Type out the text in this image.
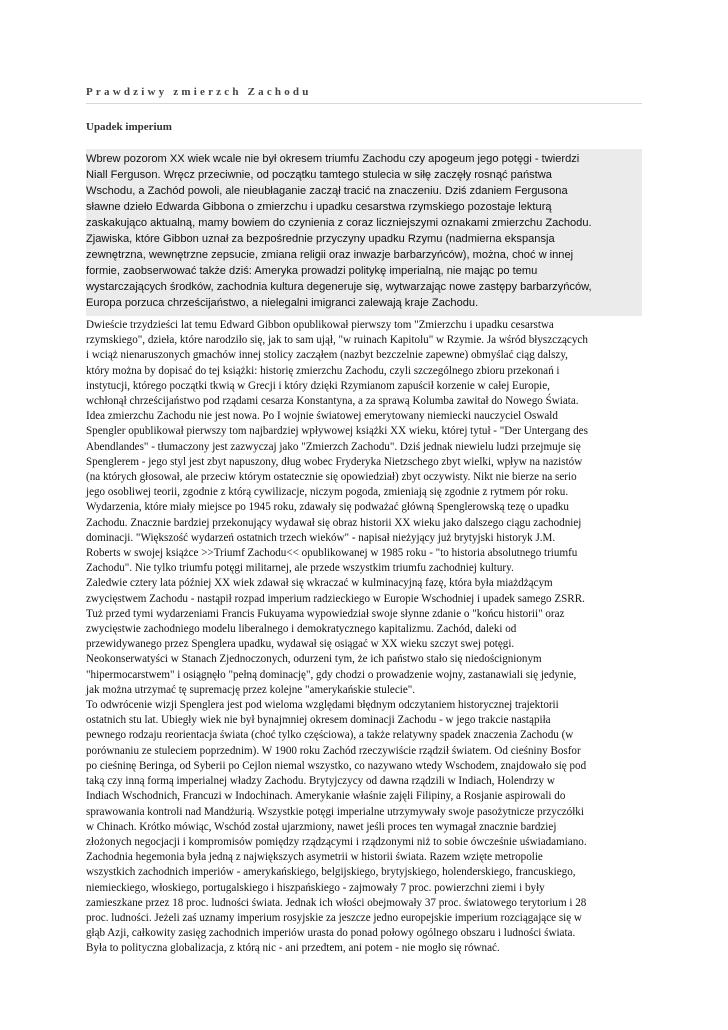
Prawdziwy zmierzch Zachodu
Upadek imperium
Wbrew pozorom XX wiek wcale nie był okresem triumfu Zachodu czy apogeum jego potęgi - twierdzi
Niall Ferguson. Wręcz przeciwnie, od początku tamtego stulecia w siłę zaczęły rosnąć państwa
Wschodu, a Zachód powoli, ale nieubłaganie zaczął tracić na znaczeniu. Dziś zdaniem Fergusona
sławne dzieło Edwarda Gibbona o zmierzchu i upadku cesarstwa rzymskiego pozostaje lekturą
zaskakująco aktualną, mamy bowiem do czynienia z coraz liczniejszymi oznakami zmierzchu Zachodu.
Zjawiska, które Gibbon uznał za bezpośrednie przyczyny upadku Rzymu (nadmierna ekspansja
zewnętrzna, wewnętrzne zepsucie, zmiana religii oraz inwazje barbarzyńców), można, choć w innej
formie, zaobserwować także dziś: Ameryka prowadzi politykę imperialną, nie mając po temu
wystarczających środków, zachodnia kultura degeneruje się, wytwarzając nowe zastępy barbarzyńców,
Europa porzuca chrześcijaństwo, a nielegalni imigranci zalewają kraje Zachodu.
Dwieście trzydzieści lat temu Edward Gibbon opublikował pierwszy tom "Zmierzchu i upadku cesarstwa
rzymskiego", dzieła, które narodziło się, jak to sam ujął, "w ruinach Kapitolu" w Rzymie. Ja wśród błyszczących
i wciąż nienaruszonych gmachów innej stolicy zacząłem (nazbyt bezczelnie zapewne) obmyślać ciąg dalszy,
który można by dopisać do tej książki: historię zmierzchu Zachodu, czyli szczególnego zbioru przekonań i
instytucji, którego początki tkwią w Grecji i który dzięki Rzymianom zapuścił korzenie w całej Europie,
wchłonął chrześcijaństwo pod rządami cesarza Konstantyna, a za sprawą Kolumba zawitał do Nowego Świata.
Idea zmierzchu Zachodu nie jest nowa. Po I wojnie światowej emerytowany niemiecki nauczyciel Oswald
Spengler opublikował pierwszy tom najbardziej wpływowej książki XX wieku, której tytuł - "Der Untergang des
Abendlandes" - tłumaczony jest zazwyczaj jako "Zmierzch Zachodu". Dziś jednak niewielu ludzi przejmuje się
Spenglerem - jego styl jest zbyt napuszony, dług wobec Fryderyka Nietzschego zbyt wielki, wpływ na nazistów
(na których głosował, ale przeciw którym ostatecznie się opowiedział) zbyt oczywisty. Nikt nie bierze na serio
jego osobliwej teorii, zgodnie z którą cywilizacje, niczym pogoda, zmieniają się zgodnie z rytmem pór roku.
Wydarzenia, które miały miejsce po 1945 roku, zdawały się podważać główną Spenglerowską tezę o upadku
Zachodu. Znacznie bardziej przekonujący wydawał się obraz historii XX wieku jako dalszego ciągu zachodniej
dominacji. "Większość wydarzeń ostatnich trzech wieków" - napisał nieżyjący już brytyjski historyk J.M.
Roberts w swojej książce >>Triumf Zachodu<< opublikowanej w 1985 roku - "to historia absolutnego triumfu
Zachodu". Nie tylko triumfu potęgi militarnej, ale przede wszystkim triumfu zachodniej kultury.
Zaledwie cztery lata później XX wiek zdawał się wkraczać w kulminacyjną fazę, która była miażdżącym
zwycięstwem Zachodu - nastąpił rozpad imperium radzieckiego w Europie Wschodniej i upadek samego ZSRR.
Tuż przed tymi wydarzeniami Francis Fukuyama wypowiedział swoje słynne zdanie o "końcu historii" oraz
zwycięstwie zachodniego modelu liberalnego i demokratycznego kapitalizmu. Zachód, daleki od
przewidywanego przez Spenglera upadku, wydawał się osiągać w XX wieku szczyt swej potęgi.
Neokonserwatyści w Stanach Zjednoczonych, odurzeni tym, że ich państwo stało się niedoścignionym
"hipermocarstwem" i osiągnęło "pełną dominację", gdy chodzi o prowadzenie wojny, zastanawiali się jedynie,
jak można utrzymać tę supremację przez kolejne "amerykańskie stulecie".
To odwrócenie wizji Spenglera jest pod wieloma względami błędnym odczytaniem historycznej trajektorii
ostatnich stu lat. Ubiegły wiek nie był bynajmniej okresem dominacji Zachodu - w jego trakcie nastąpiła
pewnego rodzaju reorientacja świata (choć tylko częściowa), a także relatywny spadek znaczenia Zachodu (w
porównaniu ze stuleciem poprzednim). W 1900 roku Zachód rzeczywiście rządził światem. Od cieśniny Bosfor
po cieśninę Beringa, od Syberii po Cejlon niemal wszystko, co nazywano wtedy Wschodem, znajdowało się pod
taką czy inną formą imperialnej władzy Zachodu. Brytyjczycy od dawna rządzili w Indiach, Holendrzy w
Indiach Wschodnich, Francuzi w Indochinach. Amerykanie właśnie zajęli Filipiny, a Rosjanie aspirowali do
sprawowania kontroli nad Mandżurią. Wszystkie potęgi imperialne utrzymywały swoje pasożytnicze przyczółki
w Chinach. Krótko mówiąc, Wschód został ujarzmiony, nawet jeśli proces ten wymagał znacznie bardziej
złożonych negocjacji i kompromisów pomiędzy rządzącymi i rządzonymi niż to sobie ówcześnie uświadamiano.
Zachodnia hegemonia była jedną z największych asymetrii w historii świata. Razem wzięte metropolie
wszystkich zachodnich imperiów - amerykańskiego, belgijskiego, brytyjskiego, holenderskiego, francuskiego,
niemieckiego, włoskiego, portugalskiego i hiszpańskiego - zajmowały 7 proc. powierzchni ziemi i były
zamieszkane przez 18 proc. ludności świata. Jednak ich włości obejmowały 37 proc. światowego terytorium i 28
proc. ludności. Jeżeli zaś uznamy imperium rosyjskie za jeszcze jedno europejskie imperium rozciągające się w
głąb Azji, całkowity zasięg zachodnich imperiów urasta do ponad połowy ogólnego obszaru i ludności świata.
Była to polityczna globalizacja, z którą nic - ani przedtem, ani potem - nie mogło się równać.
